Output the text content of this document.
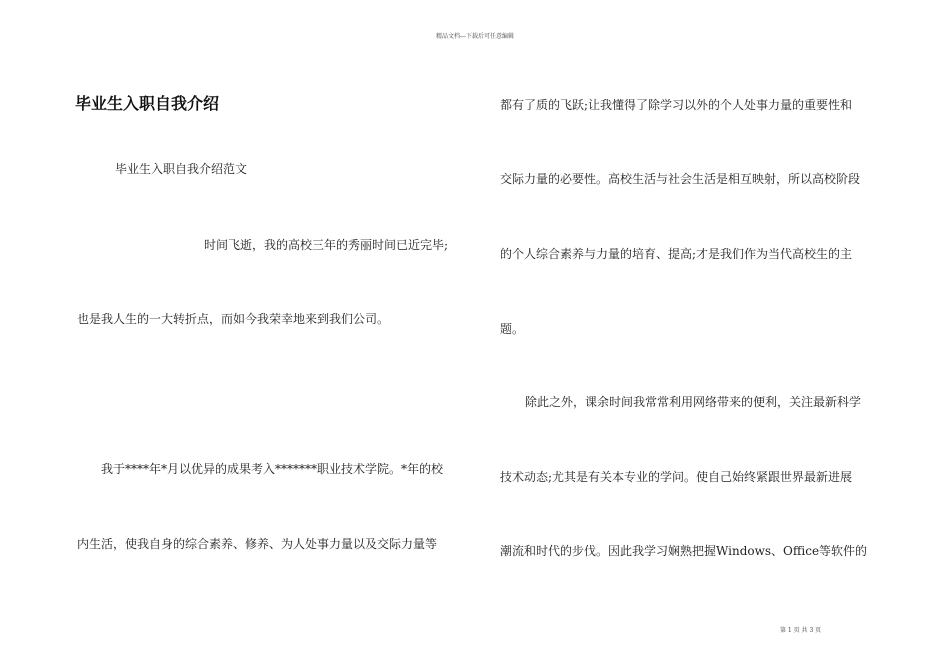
精品文档---下载后可任意编辑
毕业生入职自我介绍
毕业生入职自我介绍范文
时间飞逝，我的高校三年的秀丽时间已近完毕;
也是我人生的一大转折点，而如今我荣幸地来到我们公司。
我于****年*月以优异的成果考入*******职业技术学院。*年的校
内生活，使我自身的综合素养、修养、为人处事力量以及交际力量等
都有了质的飞跃;让我懂得了除学习以外的个人处事力量的重要性和
交际力量的必要性。高校生活与社会生活是相互映射，所以高校阶段
的个人综合素养与力量的培育、提高;才是我们作为当代高校生的主
题。
除此之外，课余时间我常常利用网络带来的便利，关注最新科学
技术动态;尤其是有关本专业的学问。使自己始终紧跟世界最新进展
潮流和时代的步伐。因此我学习娴熟把握Windows、Office等软件的
第 1 页 共 3 页
